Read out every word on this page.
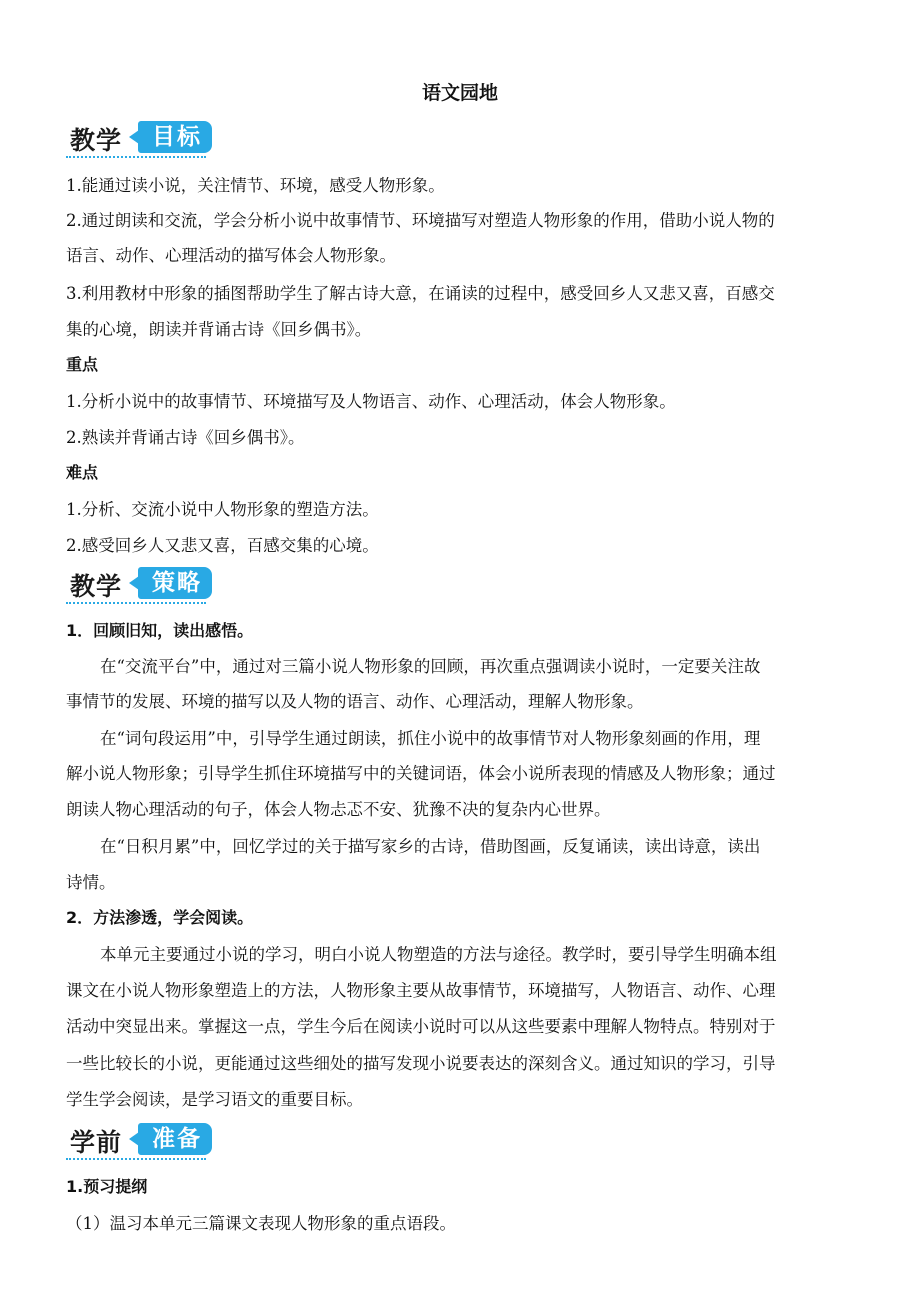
语文园地
教学	目标
1.能通过读小说，关注情节、环境，感受人物形象。
2.通过朗读和交流，学会分析小说中故事情节、环境描写对塑造人物形象的作用，借助小说人物的
语言、动作、心理活动的描写体会人物形象。
3.利用教材中形象的插图帮助学生了解古诗大意，在诵读的过程中，感受回乡人又悲又喜，百感交
集的心境，朗读并背诵古诗《回乡偶书》。
重点
1.分析小说中的故事情节、环境描写及人物语言、动作、心理活动，体会人物形象。
2.熟读并背诵古诗《回乡偶书》。
难点
1.分析、交流小说中人物形象的塑造方法。
2.感受回乡人又悲又喜，百感交集的心境。
教学	策略
1．回顾旧知，读出感悟。
在“交流平台”中，通过对三篇小说人物形象的回顾，再次重点强调读小说时，一定要关注故
事情节的发展、环境的描写以及人物的语言、动作、心理活动，理解人物形象。
在“词句段运用”中，引导学生通过朗读，抓住小说中的故事情节对人物形象刻画的作用，理
解小说人物形象；引导学生抓住环境描写中的关键词语，体会小说所表现的情感及人物形象；通过
朗读人物心理活动的句子，体会人物忐忑不安、犹豫不决的复杂内心世界。
在“日积月累”中，回忆学过的关于描写家乡的古诗，借助图画，反复诵读，读出诗意，读出
诗情。
2．方法渗透，学会阅读。
本单元主要通过小说的学习，明白小说人物塑造的方法与途径。教学时，要引导学生明确本组
课文在小说人物形象塑造上的方法，人物形象主要从故事情节，环境描写，人物语言、动作、心理
活动中突显出来。掌握这一点，学生今后在阅读小说时可以从这些要素中理解人物特点。特别对于
一些比较长的小说，更能通过这些细处的描写发现小说要表达的深刻含义。通过知识的学习，引导
学生学会阅读，是学习语文的重要目标。
学前	准备
1.预习提纲
（1）温习本单元三篇课文表现人物形象的重点语段。
